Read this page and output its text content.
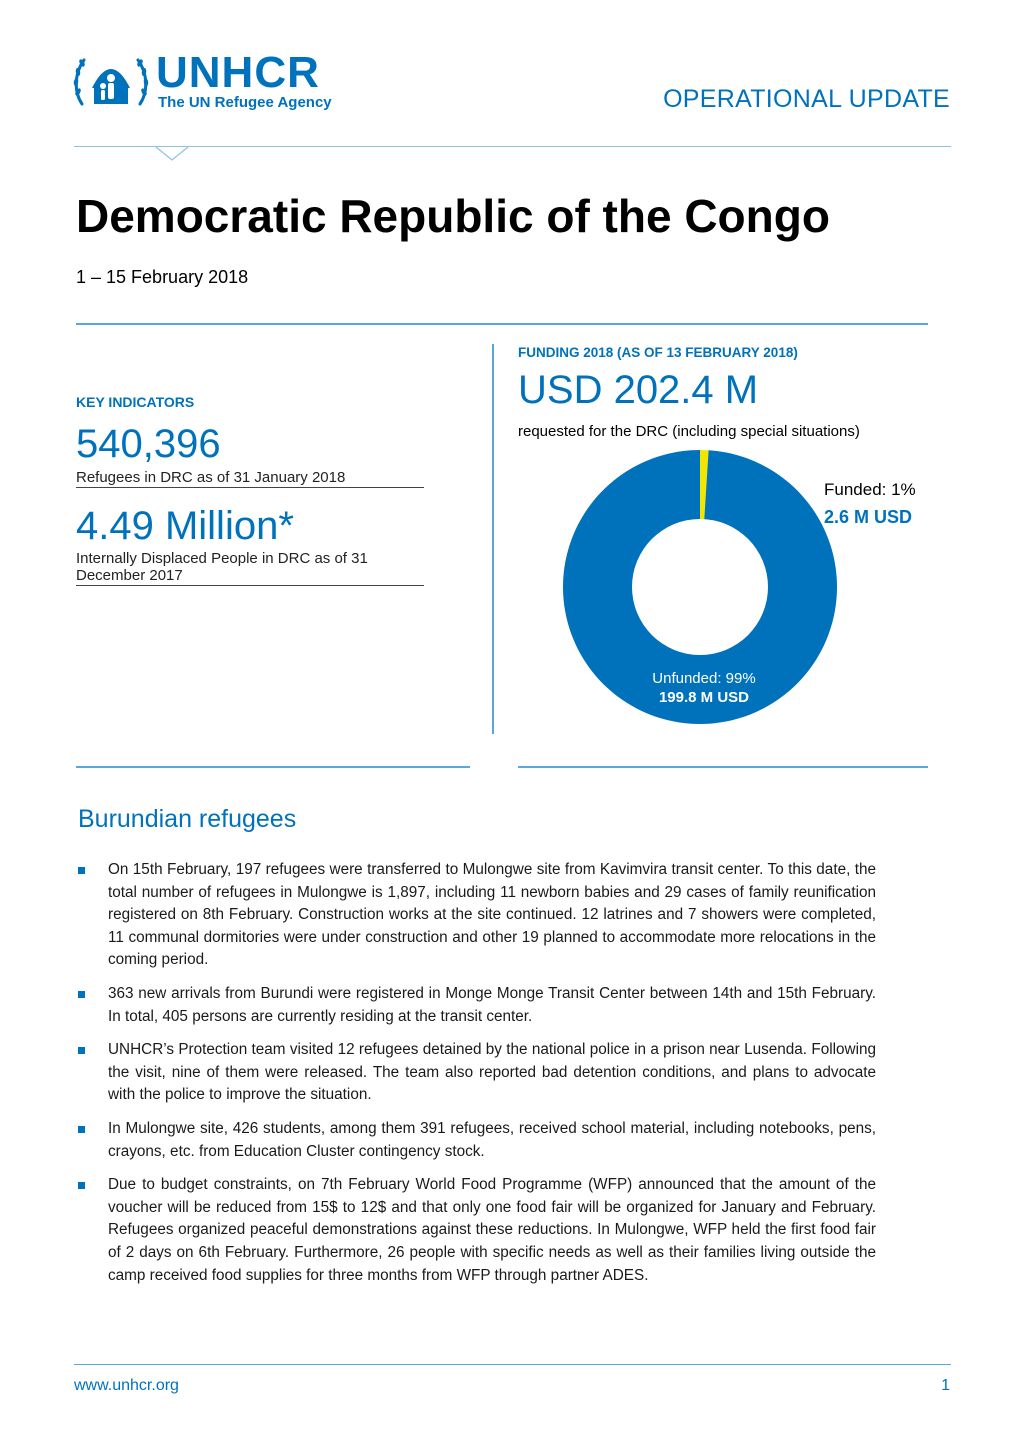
UNHCR
The UN Refugee Agency	OPERATIONAL UPDATE
Democratic Republic of the Congo
1 – 15 February 2018
KEY INDICATORS
540,396
Refugees in DRC as of 31 January 2018
4.49 Million*
Internally Displaced People in DRC as of 31 December 2017
FUNDING 2018 (AS OF 13 FEBRUARY 2018)
USD 202.4 M
requested for the DRC (including special situations)
Funded: 1%
2.6 M USD
Unfunded: 99%
199.8 M USD
Burundian refugees
On 15th February, 197 refugees were transferred to Mulongwe site from Kavimvira transit center. To this date, the total number of refugees in Mulongwe is 1,897, including 11 newborn babies and 29 cases of family reunification registered on 8th February. Construction works at the site continued. 12 latrines and 7 showers were completed, 11 communal dormitories were under construction and other 19 planned to accommodate more relocations in the coming period.
363 new arrivals from Burundi were registered in Monge Monge Transit Center between 14th and 15th February. In total, 405 persons are currently residing at the transit center.
UNHCR’s Protection team visited 12 refugees detained by the national police in a prison near Lusenda. Following the visit, nine of them were released. The team also reported bad detention conditions, and plans to advocate with the police to improve the situation.
In Mulongwe site, 426 students, among them 391 refugees, received school material, including notebooks, pens, crayons, etc. from Education Cluster contingency stock.
Due to budget constraints, on 7th February World Food Programme (WFP) announced that the amount of the voucher will be reduced from 15$ to 12$ and that only one food fair will be organized for January and February. Refugees organized peaceful demonstrations against these reductions. In Mulongwe, WFP held the first food fair of 2 days on 6th February. Furthermore, 26 people with specific needs as well as their families living outside the camp received food supplies for three months from WFP through partner ADES.
www.unhcr.org	1
